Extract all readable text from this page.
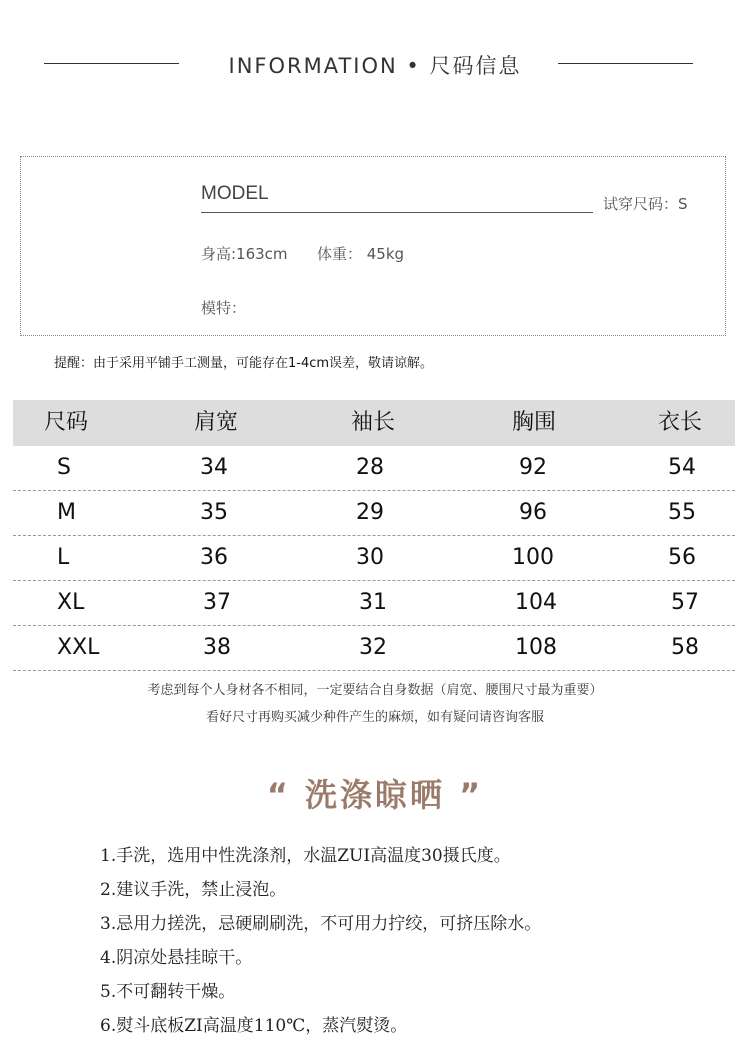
INFORMATION • 尺码信息
MODEL	试穿尺码：S
身高:163cm 体重： 45kg
模特：
提醒：由于采用平铺手工测量，可能存在1-4cm误差，敬请谅解。
尺码	肩宽	袖长	胸围	衣长
S	34	28	92	54
M	35	29	96	55
L	36	30	100	56
XL	37	31	104	57
XXL	38	32	108	58
考虑到每个人身材各不相同，一定要结合自身数据（肩宽、腰围尺寸最为重要）
看好尺寸再购买减少种件产生的麻烦，如有疑问请咨询客服
“ 洗涤晾晒 ”
1.手洗，选用中性洗涤剂，水温ZUI高温度30摄氏度。
2.建议手洗，禁止浸泡。
3.忌用力搓洗，忌硬刷刷洗，不可用力拧绞，可挤压除水。
4.阴凉处悬挂晾干。
5.不可翻转干燥。
6.熨斗底板ZI高温度110℃，蒸汽熨烫。
